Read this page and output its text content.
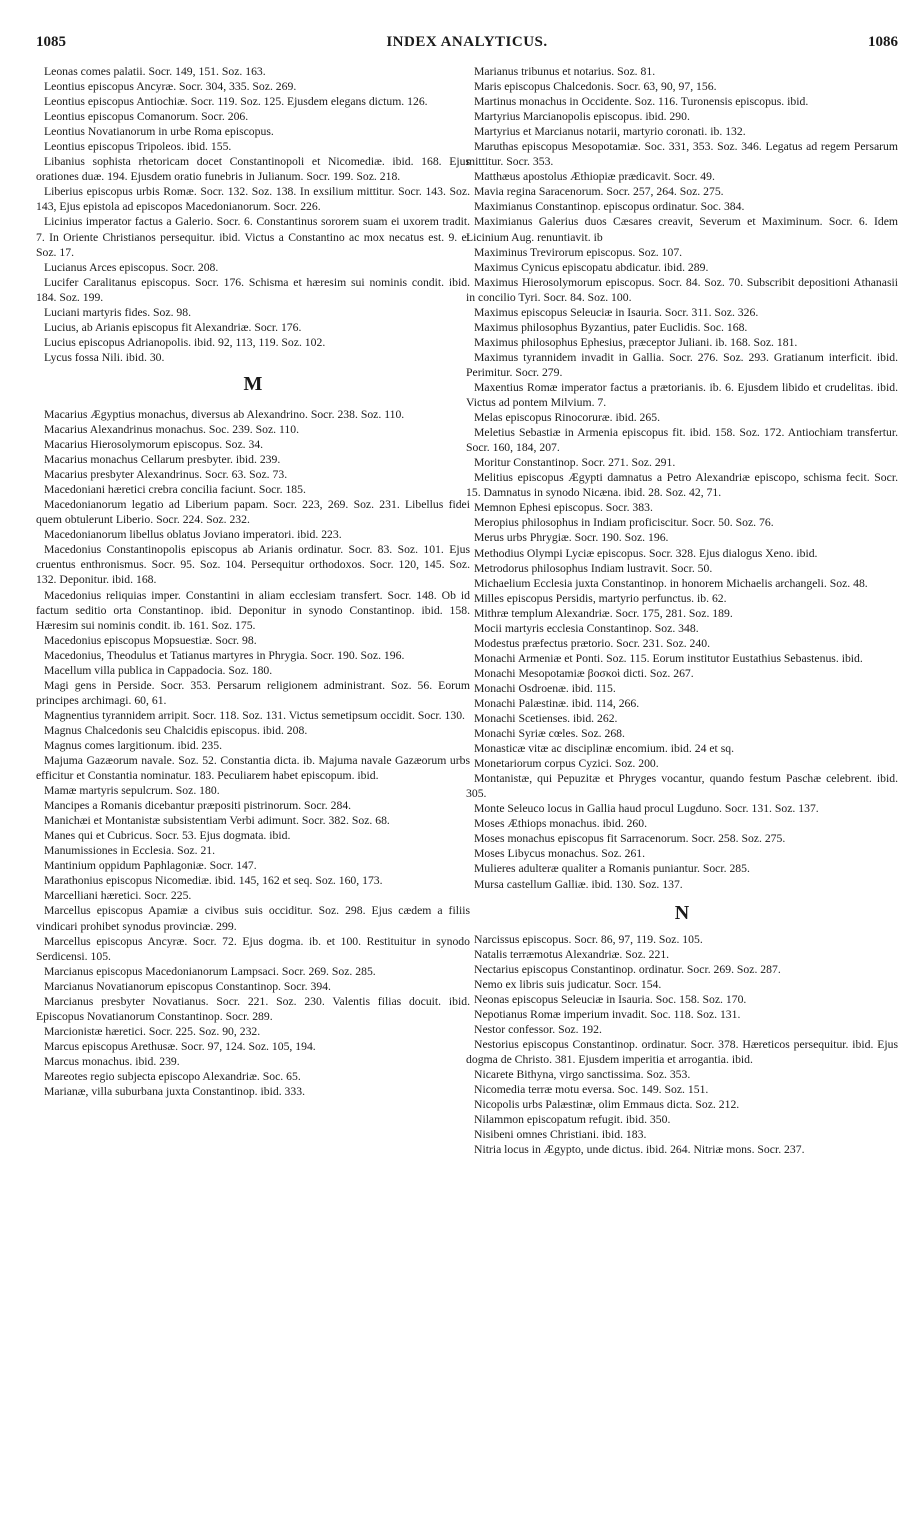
1085	INDEX ANALYTICUS.	1086

Leonas comes palatii. Socr. 149, 151. Soz. 163.

Leontius episcopus Ancyræ. Socr. 304, 335. Soz. 269.

Leontius episcopus Antiochiæ. Socr. 119. Soz. 125. Ejusdem elegans dictum. 126.

Leontius episcopus Comanorum. Socr. 206.

Leontius Novatianorum in urbe Roma episcopus.

Leontius episcopus Tripoleos. ibid. 155.

Libanius sophista rhetoricam docet Constantinopoli et Nicomediæ. ibid. 168. Ejus orationes duæ. 194. Ejusdem oratio funebris in Julianum. Socr. 199. Soz. 218.

Liberius episcopus urbis Romæ. Socr. 132. Soz. 138. In exsilium mittitur. Socr. 143. Soz. 143, Ejus epistola ad episcopos Macedonianorum. Socr. 226.

Licinius imperator factus a Galerio. Socr. 6. Constantinus sororem suam ei uxorem tradit. 7. In Oriente Christianos persequitur. ibid. Victus a Constantino ac mox necatus est. 9. et Soz. 17.

Lucianus Arces episcopus. Socr. 208.

Lucifer Caralitanus episcopus. Socr. 176. Schisma et hæresim sui nominis condit. ibid. 184. Soz. 199.

Luciani martyris fides. Soz. 98.

Lucius, ab Arianis episcopus fit Alexandriæ. Socr. 176.

Lucius episcopus Adrianopolis. ibid. 92, 113, 119. Soz. 102.

Lycus fossa Nili. ibid. 30.

M

Macarius Ægyptius monachus, diversus ab Alexandrino. Socr. 238. Soz. 110.

Macarius Alexandrinus monachus. Soc. 239. Soz. 110.

Macarius Hierosolymorum episcopus. Soz. 34.

Macarius monachus Cellarum presbyter. ibid. 239.

Macarius presbyter Alexandrinus. Socr. 63. Soz. 73.

Macedoniani hæretici crebra concilia faciunt. Socr. 185.

Macedonianorum legatio ad Liberium papam. Socr. 223, 269. Soz. 231. Libellus fidei quem obtulerunt Liberio. Socr. 224. Soz. 232.

Macedonianorum libellus oblatus Joviano imperatori. ibid. 223.

Macedonius Constantinopolis episcopus ab Arianis ordinatur. Socr. 83. Soz. 101. Ejus cruentus enthronismus. Socr. 95. Soz. 104. Persequitur orthodoxos. Socr. 120, 145. Soz. 132. Deponitur. ibid. 168.

Macedonius reliquias imper. Constantini in aliam ecclesiam transfert. Socr. 148. Ob id factum seditio orta Constantinop. ibid. Deponitur in synodo Constantinop. ibid. 158. Hæresim sui nominis condit. ib. 161. Soz. 175.

Macedonius episcopus Mopsuestiæ. Socr. 98.

Macedonius, Theodulus et Tatianus martyres in Phrygia. Socr. 190. Soz. 196.

Macellum villa publica in Cappadocia. Soz. 180.

Magi gens in Perside. Socr. 353. Persarum religionem administrant. Soz. 56. Eorum principes archimagi. 60, 61.

Magnentius tyrannidem arripit. Socr. 118. Soz. 131. Victus semetipsum occidit. Socr. 130.

Magnus Chalcedonis seu Chalcidis episcopus. ibid. 208.

Magnus comes largitionum. ibid. 235.

Majuma Gazæorum navale. Soz. 52. Constantia dicta. ib. Majuma navale Gazæorum urbs efficitur et Constantia nominatur. 183. Peculiarem habet episcopum. ibid.

Mamæ martyris sepulcrum. Soz. 180.

Mancipes a Romanis dicebantur præpositi pistrinorum. Socr. 284.

Manichæi et Montanistæ subsistentiam Verbi adimunt. Socr. 382. Soz. 68.

Manes qui et Cubricus. Socr. 53. Ejus dogmata. ibid.

Manumissiones in Ecclesia. Soz. 21.

Mantinium oppidum Paphlagoniæ. Socr. 147.

Marathonius episcopus Nicomediæ. ibid. 145, 162 et seq. Soz. 160, 173.

Marcelliani hæretici. Socr. 225.

Marcellus episcopus Apamiæ a civibus suis occiditur. Soz. 298. Ejus cædem a filiis vindicari prohibet synodus provinciæ. 299.

Marcellus episcopus Ancyræ. Socr. 72. Ejus dogma. ib. et 100. Restituitur in synodo Serdicensi. 105.

Marcianus episcopus Macedonianorum Lampsaci. Socr. 269. Soz. 285.

Marcianus Novatianorum episcopus Constantinop. Socr. 394.

Marcianus presbyter Novatianus. Socr. 221. Soz. 230. Valentis filias docuit. ibid. Episcopus Novatianorum Constantinop. Socr. 289.

Marcionistæ hæretici. Socr. 225. Soz. 90, 232.

Marcus episcopus Arethusæ. Socr. 97, 124. Soz. 105, 194.

Marcus monachus. ibid. 239.

Mareotes regio subjecta episcopo Alexandriæ. Soc. 65.

Marianæ, villa suburbana juxta Constantinop. ibid. 333.

Marianus tribunus et notarius. Soz. 81.

Maris episcopus Chalcedonis. Socr. 63, 90, 97, 156.

Martinus monachus in Occidente. Soz. 116. Turonensis episcopus. ibid.

Martyrius Marcianopolis episcopus. ibid. 290.

Martyrius et Marcianus notarii, martyrio coronati. ib. 132.

Maruthas episcopus Mesopotamiæ. Soc. 331, 353. Soz. 346. Legatus ad regem Persarum mittitur. Socr. 353.

Matthæus apostolus Æthiopiæ prædicavit. Socr. 49.

Mavia regina Saracenorum. Socr. 257, 264. Soz. 275.

Maximianus Constantinop. episcopus ordinatur. Soc. 384.

Maximianus Galerius duos Cæsares creavit, Severum et Maximinum. Socr. 6. Idem Licinium Aug. renuntiavit. ib

Maximinus Trevirorum episcopus. Soz. 107.

Maximus Cynicus episcopatu abdicatur. ibid. 289.

Maximus Hierosolymorum episcopus. Socr. 84. Soz. 70. Subscribit depositioni Athanasii in concilio Tyri. Socr. 84. Soz. 100.

Maximus episcopus Seleuciæ in Isauria. Socr. 311. Soz. 326.

Maximus philosophus Byzantius, pater Euclidis. Soc. 168.

Maximus philosophus Ephesius, præceptor Juliani. ib. 168. Soz. 181.

Maximus tyrannidem invadit in Gallia. Socr. 276. Soz. 293. Gratianum interficit. ibid. Perimitur. Socr. 279.

Maxentius Romæ imperator factus a prætorianis. ib. 6. Ejusdem libido et crudelitas. ibid. Victus ad pontem Milvium. 7.

Melas episcopus Rinocoruræ. ibid. 265.

Meletius Sebastiæ in Armenia episcopus fit. ibid. 158. Soz. 172. Antiochiam transfertur. Socr. 160, 184, 207.

Moritur Constantinop. Socr. 271. Soz. 291.

Melitius episcopus Ægypti damnatus a Petro Alexandriæ episcopo, schisma fecit. Socr. 15. Damnatus in synodo Nicæna. ibid. 28. Soz. 42, 71.

Memnon Ephesi episcopus. Socr. 383.

Meropius philosophus in Indiam proficiscitur. Socr. 50. Soz. 76.

Merus urbs Phrygiæ. Socr. 190. Soz. 196.

Methodius Olympi Lyciæ episcopus. Socr. 328. Ejus dialogus Xeno. ibid.

Metrodorus philosophus Indiam lustravit. Socr. 50.

Michaelium Ecclesia juxta Constantinop. in honorem Michaelis archangeli. Soz. 48.

Milles episcopus Persidis, martyrio perfunctus. ib. 62.

Mithræ templum Alexandriæ. Socr. 175, 281. Soz. 189.

Mocii martyris ecclesia Constantinop. Soz. 348.

Modestus præfectus prætorio. Socr. 231. Soz. 240.

Monachi Armeniæ et Ponti. Soz. 115. Eorum institutor Eustathius Sebastenus. ibid.

Monachi Mesopotamiæ βοσκοὶ dicti. Soz. 267.

Monachi Osdroenæ. ibid. 115.

Monachi Palæstinæ. ibid. 114, 266.

Monachi Scetienses. ibid. 262.

Monachi Syriæ cœles. Soz. 268.

Monasticæ vitæ ac disciplinæ encomium. ibid. 24 et sq.

Monetariorum corpus Cyzici. Soz. 200.

Montanistæ, qui Pepuzitæ et Phryges vocantur, quando festum Paschæ celebrent. ibid. 305.

Monte Seleuco locus in Gallia haud procul Lugduno. Socr. 131. Soz. 137.

Moses Æthiops monachus. ibid. 260.

Moses monachus episcopus fit Sarracenorum. Socr. 258. Soz. 275.

Moses Libycus monachus. Soz. 261.

Mulieres adulteræ qualiter a Romanis puniantur. Socr. 285.

Mursa castellum Galliæ. ibid. 130. Soz. 137.

N

Narcissus episcopus. Socr. 86, 97, 119. Soz. 105.

Natalis terræmotus Alexandriæ. Soz. 221.

Nectarius episcopus Constantinop. ordinatur. Socr. 269. Soz. 287.

Nemo ex libris suis judicatur. Socr. 154.

Neonas episcopus Seleuciæ in Isauria. Soc. 158. Soz. 170.

Nepotianus Romæ imperium invadit. Soc. 118. Soz. 131.

Nestor confessor. Soz. 192.

Nestorius episcopus Constantinop. ordinatur. Socr. 378. Hæreticos persequitur. ibid. Ejus dogma de Christo. 381. Ejusdem imperitia et arrogantia. ibid.

Nicarete Bithyna, virgo sanctissima. Soz. 353.

Nicomedia terræ motu eversa. Soc. 149. Soz. 151.

Nicopolis urbs Palæstinæ, olim Emmaus dicta. Soz. 212.

Nilammon episcopatum refugit. ibid. 350.

Nisibeni omnes Christiani. ibid. 183.

Nitria locus in Ægypto, unde dictus. ibid. 264. Nitriæ mons. Socr. 237.
